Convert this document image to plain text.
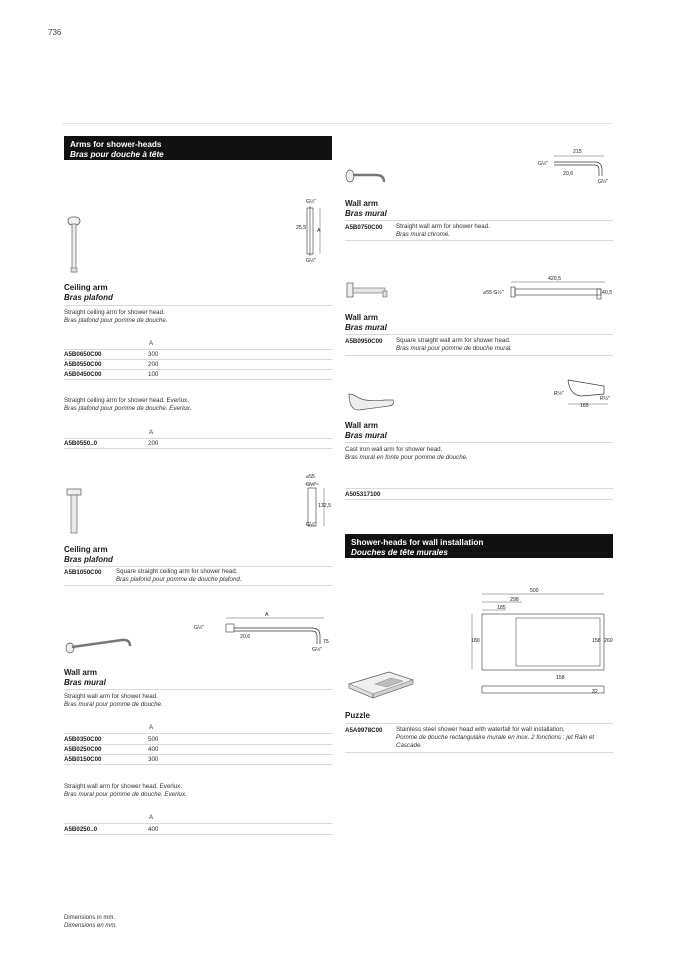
736
Arms for shower-heads
Bras pour douche à tête
G½"
25,5 A
G½"
Ceiling arm
Bras plafond
Straight ceiling arm for shower head.
Bras plafond pour pomme de douche.
A
A5B0650C00	300
A5B0550C00	200
A5B0450C00	100
Straight ceiling arm for shower head. Everlux.
Bras plafond pour pomme de douche. Everlux.
A
A5B0550..0	200
⌀55
G½"
132,5
G½"
Ceiling arm
Bras plafond
A5B1050C00 Square straight ceiling arm for shower head.
Bras plafond pour pomme de douche plafond.
A
G½"
20,6
75
G½"
Wall arm
Bras mural
Straight wall arm for shower head.
Bras mural pour pomme de douche.
A
A5B0350C00	500
A5B0250C00	400
A5B0150C00	300
Straight wall arm for shower head. Everlux.
Bras mural pour pomme de douche. Everlux.
A
A5B0250..0	400
215
G½"
20,6
G½"
Wall arm
Bras mural
A5B0750C00 Straight wall arm for shower head.
Bras mural chromé.
420,5
⌀55 G½"	40,5
Wall arm
Bras mural
A5B0950C00 Square straight wall arm for shower head.
Bras mural pour pomme de douche mural.
R½"
R½"
165
Wall arm
Bras mural
Cast iron wall arm for shower head.
Bras mural en fonte pour pomme de douche.
A505317100
Shower-heads for wall installation
Douches de tête murales
500
298
185
180	158 260
158
32
Puzzle
A5A9978C00 Stainless steel shower head with waterfall for wall installation.
Pomme de douche rectangulaire murale en inox. 2 fonctions : jet Rain et Cascade.
Dimensions in mm.
Dimensions en mm.
